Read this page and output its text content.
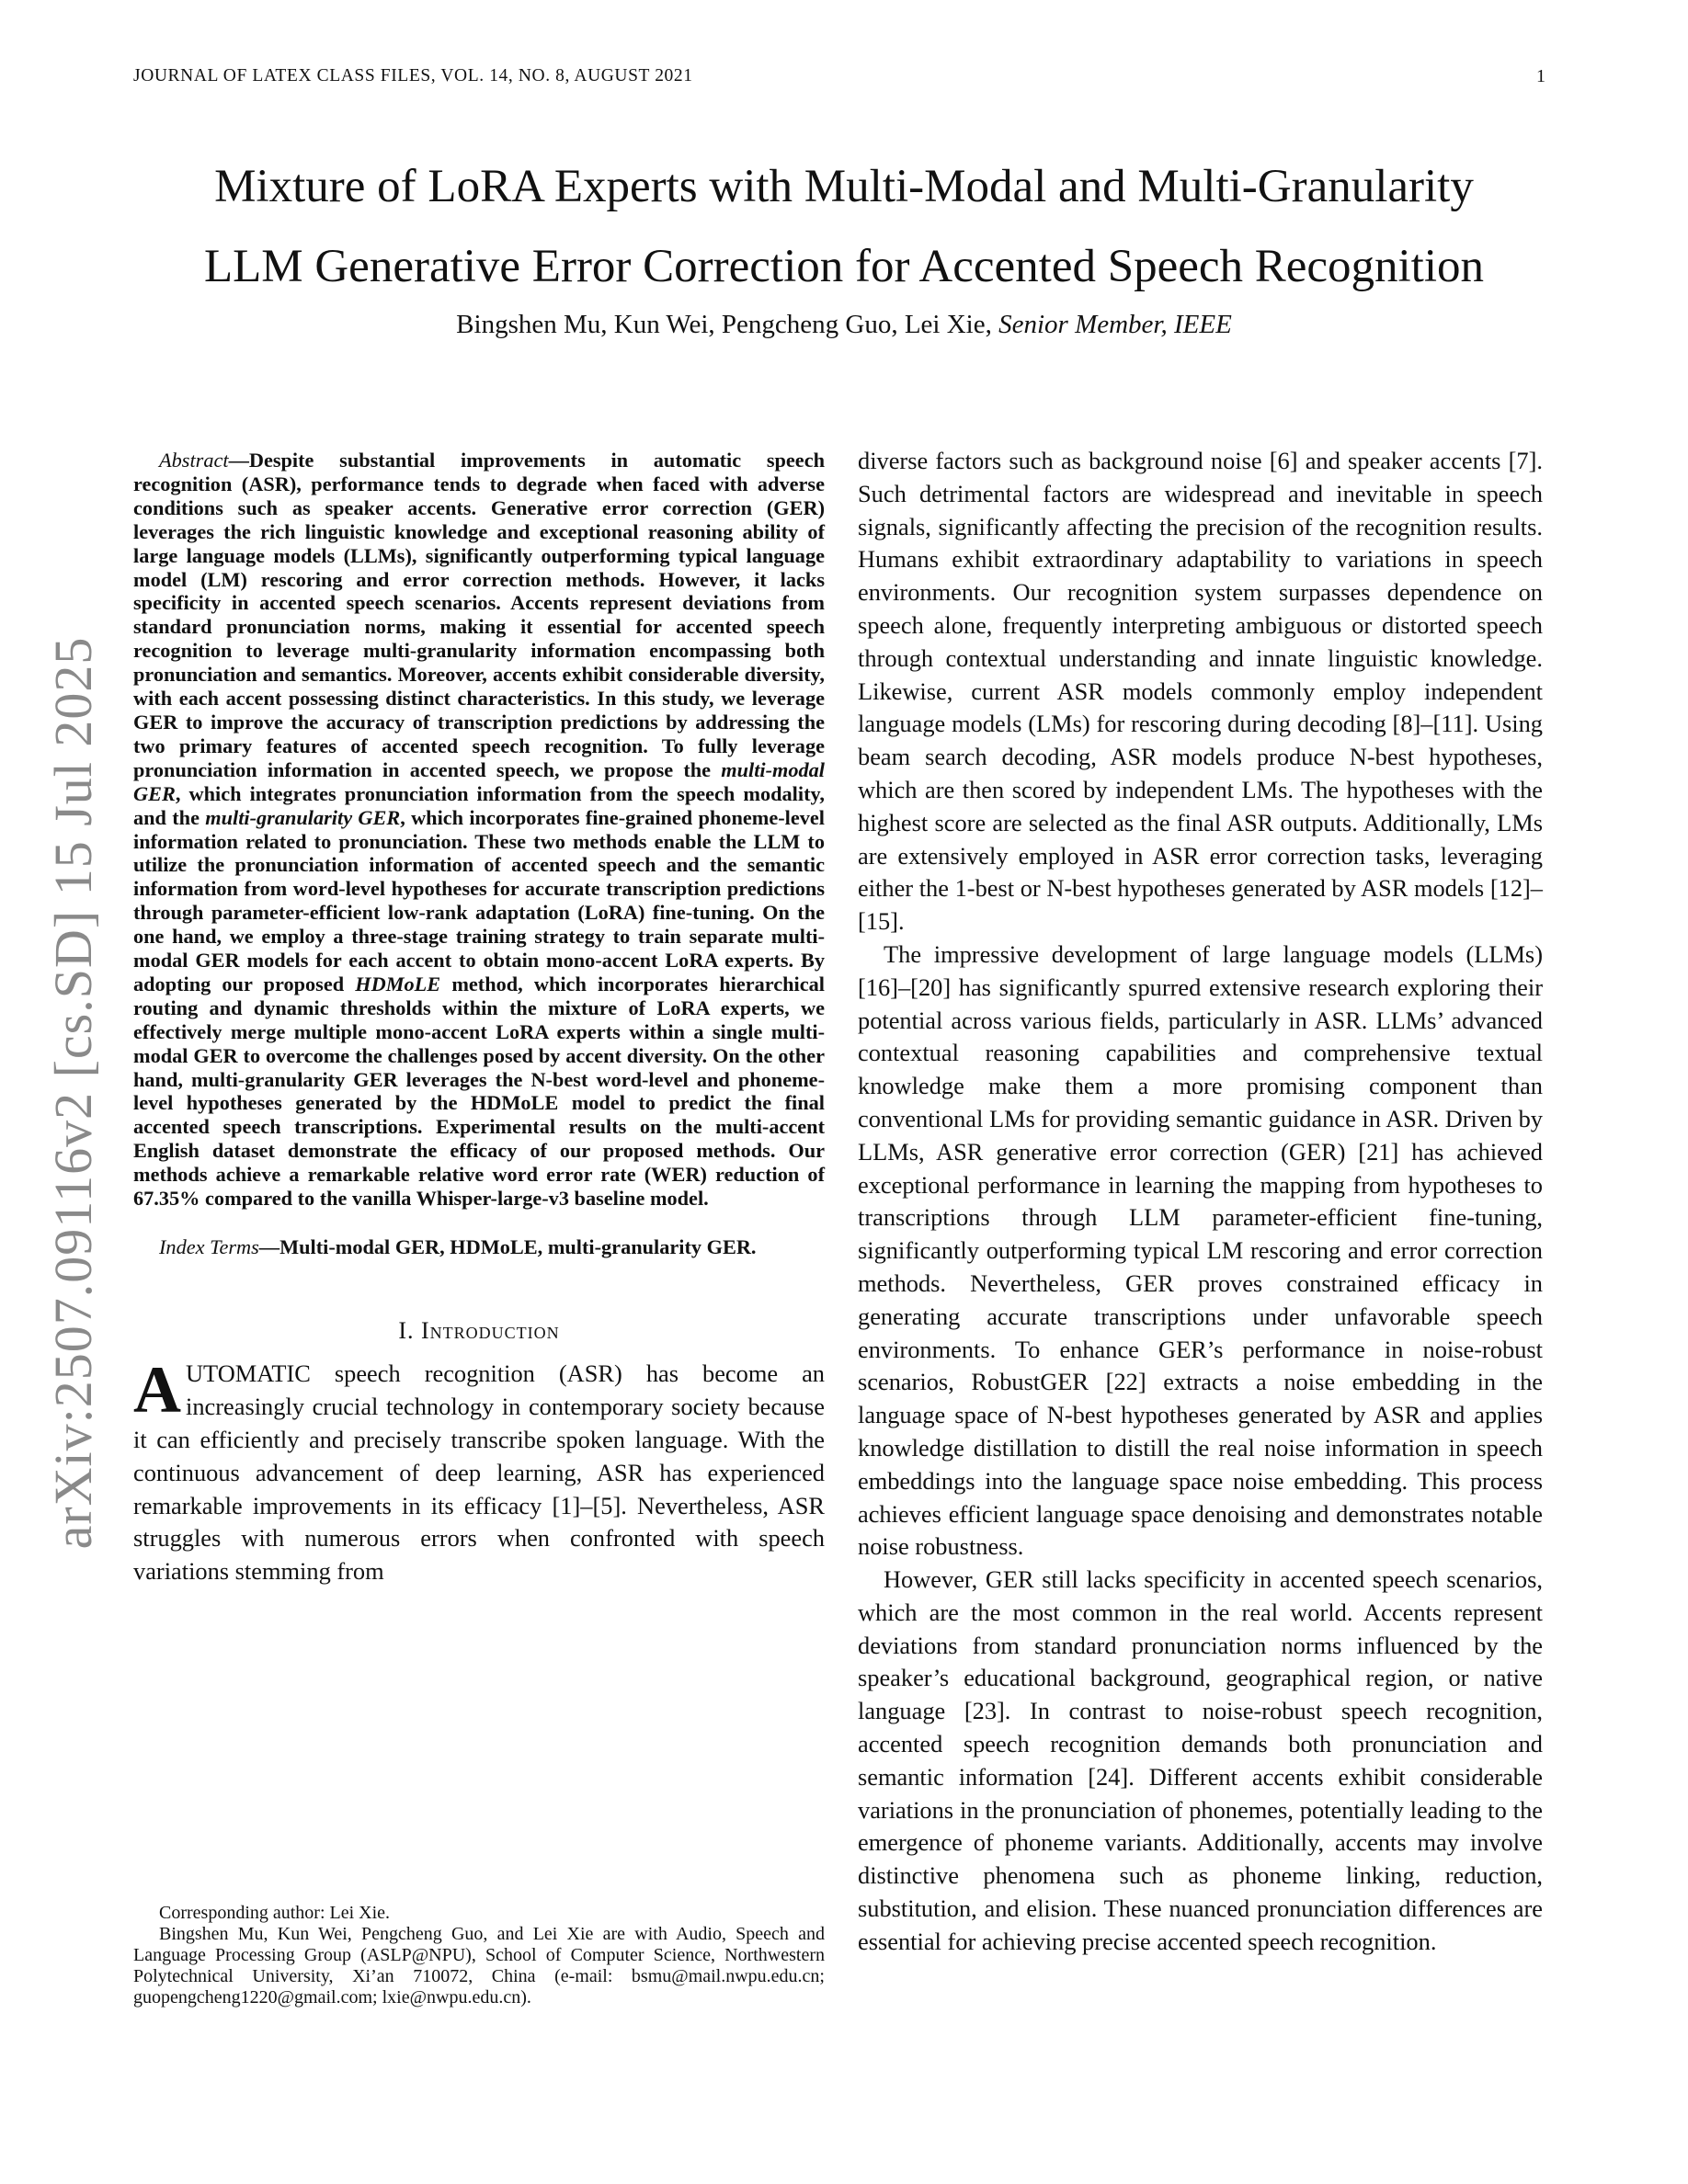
JOURNAL OF LATEX CLASS FILES, VOL. 14, NO. 8, AUGUST 2021	1
Mixture of LoRA Experts with Multi-Modal and Multi-Granularity
LLM Generative Error Correction for Accented Speech Recognition
Bingshen Mu, Kun Wei, Pengcheng Guo, Lei Xie, Senior Member, IEEE
arXiv:2507.09116v2 [cs.SD] 15 Jul 2025

Abstract—Despite substantial improvements in automatic speech recognition (ASR), performance tends to degrade when faced with adverse conditions such as speaker accents. Generative error correction (GER) leverages the rich linguistic knowledge and exceptional reasoning ability of large language models (LLMs), significantly outperforming typical language model (LM) rescoring and error correction methods. However, it lacks specificity in accented speech scenarios. Accents represent deviations from standard pronunciation norms, making it essential for accented speech recognition to leverage multi-granularity information encompassing both pronunciation and semantics. Moreover, accents exhibit considerable diversity, with each accent possessing distinct characteristics. In this study, we leverage GER to improve the accuracy of transcription predictions by addressing the two primary features of accented speech recognition. To fully leverage pronunciation information in accented speech, we propose the multi-modal GER, which integrates pronunciation information from the speech modality, and the multi-granularity GER, which incorporates fine-grained phoneme-level information related to pronunciation. These two methods enable the LLM to utilize the pronunciation information of accented speech and the semantic information from word-level hypotheses for accurate transcription predictions through parameter-efficient low-rank adaptation (LoRA) fine-tuning. On the one hand, we employ a three-stage training strategy to train separate multi-modal GER models for each accent to obtain mono-accent LoRA experts. By adopting our proposed HDMoLE method, which incorporates hierarchical routing and dynamic thresholds within the mixture of LoRA experts, we effectively merge multiple mono-accent LoRA experts within a single multi-modal GER to overcome the challenges posed by accent diversity. On the other hand, multi-granularity GER leverages the N-best word-level and phoneme-level hypotheses generated by the HDMoLE model to predict the final accented speech transcriptions. Experimental results on the multi-accent English dataset demonstrate the efficacy of our proposed methods. Our methods achieve a remarkable relative word error rate (WER) reduction of 67.35% compared to the vanilla Whisper-large-v3 baseline model.

Index Terms—Multi-modal GER, HDMoLE, multi-granularity GER.

I. Introduction

AUTOMATIC speech recognition (ASR) has become an increasingly crucial technology in contemporary society because it can efficiently and precisely transcribe spoken language. With the continuous advancement of deep learning, ASR has experienced remarkable improvements in its efficacy [1]–[5]. Nevertheless, ASR struggles with numerous errors when confronted with speech variations stemming from

Corresponding author: Lei Xie.

Bingshen Mu, Kun Wei, Pengcheng Guo, and Lei Xie are with Audio, Speech and Language Processing Group (ASLP@NPU), School of Computer Science, Northwestern Polytechnical University, Xi’an 710072, China (e-mail: bsmu@mail.nwpu.edu.cn; guopengcheng1220@gmail.com; lxie@nwpu.edu.cn).

diverse factors such as background noise [6] and speaker accents [7]. Such detrimental factors are widespread and inevitable in speech signals, significantly affecting the precision of the recognition results. Humans exhibit extraordinary adaptability to variations in speech environments. Our recognition system surpasses dependence on speech alone, frequently interpreting ambiguous or distorted speech through contextual understanding and innate linguistic knowledge. Likewise, current ASR models commonly employ independent language models (LMs) for rescoring during decoding [8]–[11]. Using beam search decoding, ASR models produce N-best hypotheses, which are then scored by independent LMs. The hypotheses with the highest score are selected as the final ASR outputs. Additionally, LMs are extensively employed in ASR error correction tasks, leveraging either the 1-best or N-best hypotheses generated by ASR models [12]–[15].

The impressive development of large language models (LLMs) [16]–[20] has significantly spurred extensive research exploring their potential across various fields, particularly in ASR. LLMs’ advanced contextual reasoning capabilities and comprehensive textual knowledge make them a more promising component than conventional LMs for providing semantic guidance in ASR. Driven by LLMs, ASR generative error correction (GER) [21] has achieved exceptional performance in learning the mapping from hypotheses to transcriptions through LLM parameter-efficient fine-tuning, significantly outperforming typical LM rescoring and error correction methods. Nevertheless, GER proves constrained efficacy in generating accurate transcriptions under unfavorable speech environments. To enhance GER’s performance in noise-robust scenarios, RobustGER [22] extracts a noise embedding in the language space of N-best hypotheses generated by ASR and applies knowledge distillation to distill the real noise information in speech embeddings into the language space noise embedding. This process achieves efficient language space denoising and demonstrates notable noise robustness.

However, GER still lacks specificity in accented speech scenarios, which are the most common in the real world. Accents represent deviations from standard pronunciation norms influenced by the speaker’s educational background, geographical region, or native language [23]. In contrast to noise-robust speech recognition, accented speech recognition demands both pronunciation and semantic information [24]. Different accents exhibit considerable variations in the pronunciation of phonemes, potentially leading to the emergence of phoneme variants. Additionally, accents may involve distinctive phenomena such as phoneme linking, reduction, substitution, and elision. These nuanced pronunciation differences are essential for achieving precise accented speech recognition.
